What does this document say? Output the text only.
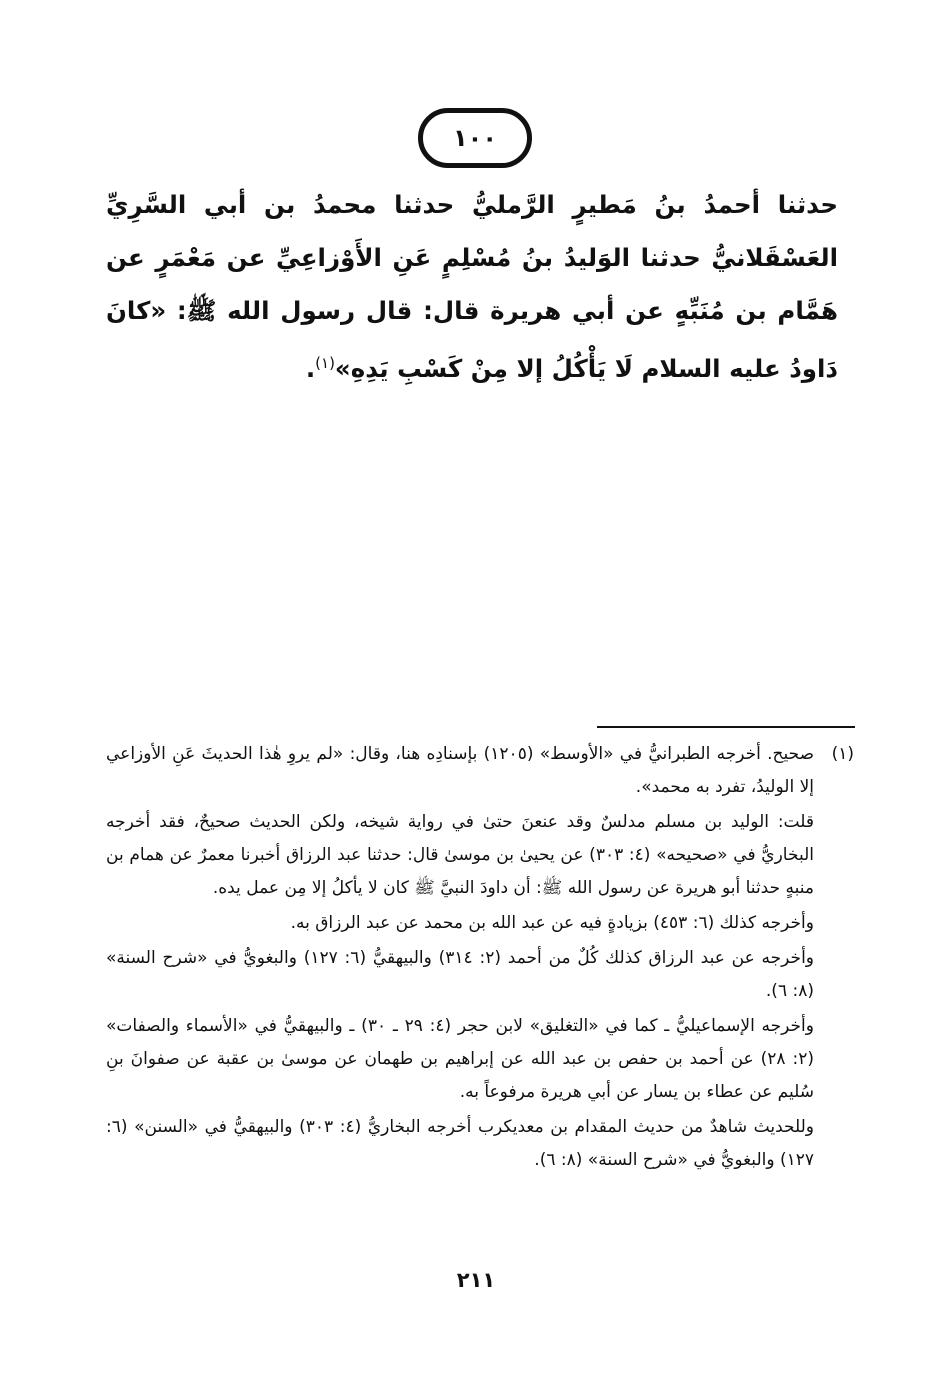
١٠٠
حدثنا أحمدُ بنُ مَطيرٍ الرَّمليُّ حدثنا محمدُ بن أبي السَّرِيِّ العَسْقَلانيُّ حدثنا الوَليدُ بنُ مُسْلِمٍ عَنِ الأَوْزاعِيِّ عن مَعْمَرٍ عن هَمَّام بن مُنَبِّهٍ عن أبي هريرة قال: قال رسول الله ﷺ: «كانَ دَاودُ عليه السلام لَا يَأْكُلُ إلا مِنْ كَسْبِ يَدِهِ»$^{(١)}$.
(١)

صحيح. أخرجه الطبرانيُّ في «الأوسط» (١٢٠٥) بإسنادِه هنا، وقال: «لم يروِ هٰذا الحديثَ عَنِ الأوزاعي إلا الوليدُ، تفرد به محمد».

قلت: الوليد بن مسلم مدلسٌ وقد عنعنَ حتىٰ في رواية شيخه، ولكن الحديث صحيحٌ، فقد أخرجه البخاريُّ في «صحيحه» (٤: ٣٠٣) عن يحيىٰ بن موسىٰ قال: حدثنا عبد الرزاق أخبرنا معمرٌ عن همام بن منبهٍ حدثنا أبو هريرة عن رسول الله ﷺ: أن داودَ النبيَّ ﷺ كان لا يأكلُ إلا مِن عمل يده.

وأخرجه كذلك (٦: ٤٥٣) بزيادةٍ فيه عن عبد الله بن محمد عن عبد الرزاق به.

وأخرجه عن عبد الرزاق كذلك كُلٌ من أحمد (٢: ٣١٤) والبيهقيُّ (٦: ١٢٧) والبغويُّ في «شرح السنة» (٨: ٦).

وأخرجه الإسماعيليُّ ـ كما في «التغليق» لابن حجر (٤: ٢٩ ـ ٣٠) ـ والبيهقيُّ في «الأسماء والصفات» (٢: ٢٨) عن أحمد بن حفص بن عبد الله عن إبراهيم بن طهمان عن موسىٰ بن عقبة عن صفوانَ بنِ سُليم عن عطاء بن يسار عن أبي هريرة مرفوعاً به.

وللحديث شاهدٌ من حديث المقدام بن معديكرب أخرجه البخاريُّ (٤: ٣٠٣) والبيهقيُّ في «السنن» (٦: ١٢٧) والبغويُّ في «شرح السنة» (٨: ٦).

٢١١
